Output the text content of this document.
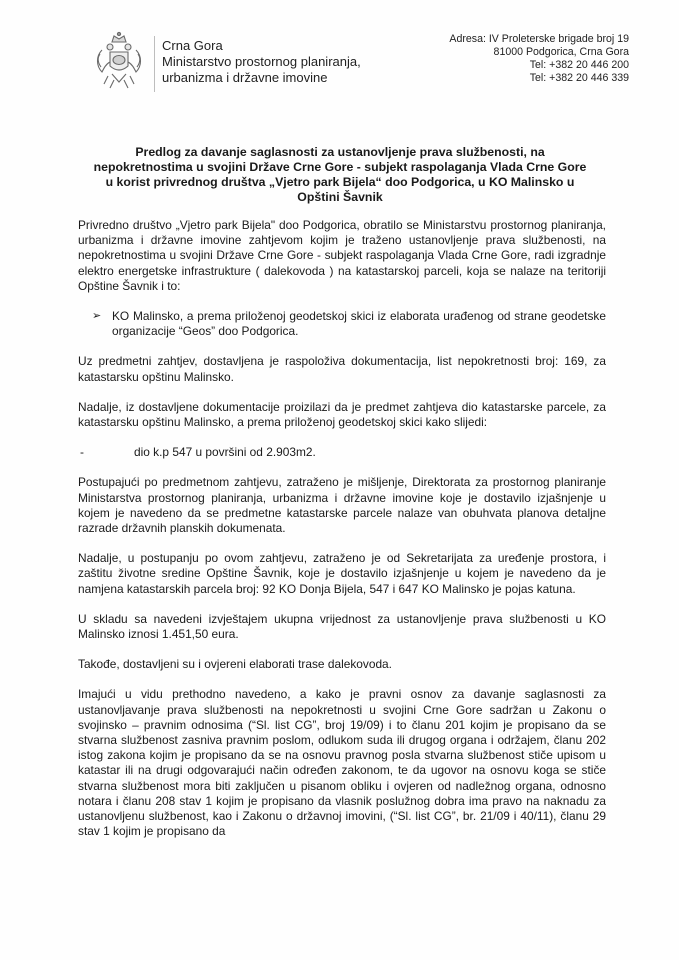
Crna Gora
Ministarstvo prostornog planiranja,
urbanizma i državne imovine
Adresa: IV Proleterske brigade broj 19
81000 Podgorica, Crna Gora
Tel: +382 20 446 200
Tel: +382 20 446 339
Predlog za davanje saglasnosti za ustanovljenje prava službenosti, na
nepokretnostima u svojini Države Crne Gore - subjekt raspolaganja Vlada Crne Gore
u korist privrednog društva „Vjetro park Bijela“ doo Podgorica, u KO Malinsko u
Opštini Šavnik

Privredno društvo „Vjetro park Bijela" doo Podgorica, obratilo se Ministarstvu prostornog planiranja, urbanizma i državne imovine zahtjevom kojim je traženo ustanovljenje prava službenosti, na nepokretnostima u svojini Države Crne Gore - subjekt raspolaganja Vlada Crne Gore, radi izgradnje elektro energetske infrastrukture ( dalekovoda ) na katastarskoj parceli, koja se nalaze na teritoriji Opštine Šavnik i to:

➢ KO Malinsko, a prema priloženoj geodetskoj skici iz elaborata urađenog od strane geodetske organizacije “Geos” doo Podgorica.

Uz predmetni zahtjev, dostavljena je raspoloživa dokumentacija, list nepokretnosti broj: 169, za katastarsku opštinu Malinsko.

Nadalje, iz dostavljene dokumentacije proizilazi da je predmet zahtjeva dio katastarske parcele, za katastarsku opštinu Malinsko, a prema priloženoj geodetskoj skici kako slijedi:

-	dio k.p 547 u površini od 2.903m2.

Postupajući po predmetnom zahtjevu, zatraženo je mišljenje, Direktorata za prostornog planiranje Ministarstva prostornog planiranja, urbanizma i državne imovine koje je dostavilo izjašnjenje u kojem je navedeno da se predmetne katastarske parcele nalaze van obuhvata planova detaljne razrade državnih planskih dokumenata.

Nadalje, u postupanju po ovom zahtjevu, zatraženo je od Sekretarijata za uređenje prostora, i zaštitu životne sredine Opštine Šavnik, koje je dostavilo izjašnjenje u kojem je navedeno da je namjena katastarskih parcela broj: 92 KO Donja Bijela, 547 i 647 KO Malinsko je pojas katuna.

U skladu sa navedeni izvještajem ukupna vrijednost za ustanovljenje prava službenosti u KO Malinsko iznosi 1.451,50 eura.

Takođe, dostavljeni su i ovjereni elaborati trase dalekovoda.

Imajući u vidu prethodno navedeno, a kako je pravni osnov za davanje saglasnosti za ustanovljavanje prava službenosti na nepokretnosti u svojini Crne Gore sadržan u Zakonu o svojinsko – pravnim odnosima (“Sl. list CG”, broj 19/09) i to članu 201 kojim je propisano da se stvarna službenost zasniva pravnim poslom, odlukom suda ili drugog organa i održajem, članu 202 istog zakona kojim je propisano da se na osnovu pravnog posla stvarna službenost stiče upisom u katastar ili na drugi odgovarajući način određen zakonom, te da ugovor na osnovu koga se stiče stvarna službenost mora biti zaključen u pisanom obliku i ovjeren od nadležnog organa, odnosno notara i članu 208 stav 1 kojim je propisano da vlasnik poslužnog dobra ima pravo na naknadu za ustanovljenu službenost, kao i Zakonu o državnoj imovini, (“Sl. list CG”, br. 21/09 i 40/11), članu 29 stav 1 kojim je propisano da
